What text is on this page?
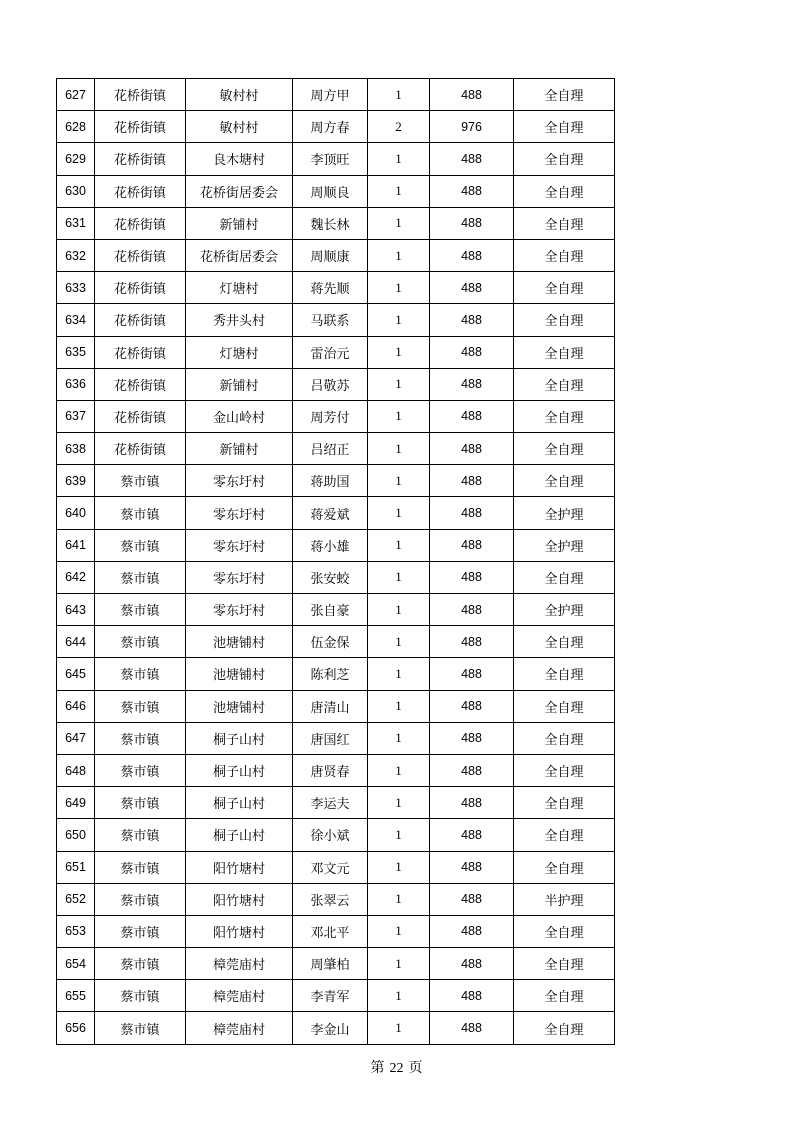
627	花桥街镇	敏村村	周方甲	1	488	全自理
628	花桥街镇	敏村村	周方春	2	976	全自理
629	花桥街镇	良木塘村	李顶旺	1	488	全自理
630	花桥街镇	花桥街居委会	周顺良	1	488	全自理
631	花桥街镇	新铺村	魏长林	1	488	全自理
632	花桥街镇	花桥街居委会	周顺康	1	488	全自理
633	花桥街镇	灯塘村	蒋先顺	1	488	全自理
634	花桥街镇	秀井头村	马联系	1	488	全自理
635	花桥街镇	灯塘村	雷治元	1	488	全自理
636	花桥街镇	新铺村	吕敬苏	1	488	全自理
637	花桥街镇	金山岭村	周芳付	1	488	全自理
638	花桥街镇	新铺村	吕绍正	1	488	全自理
639	蔡市镇	零东圩村	蒋助国	1	488	全自理
640	蔡市镇	零东圩村	蒋爱斌	1	488	全护理
641	蔡市镇	零东圩村	蒋小雄	1	488	全护理
642	蔡市镇	零东圩村	张安蛟	1	488	全自理
643	蔡市镇	零东圩村	张自豪	1	488	全护理
644	蔡市镇	池塘铺村	伍金保	1	488	全自理
645	蔡市镇	池塘铺村	陈利芝	1	488	全自理
646	蔡市镇	池塘铺村	唐清山	1	488	全自理
647	蔡市镇	桐子山村	唐国红	1	488	全自理
648	蔡市镇	桐子山村	唐贤春	1	488	全自理
649	蔡市镇	桐子山村	李运夫	1	488	全自理
650	蔡市镇	桐子山村	徐小斌	1	488	全自理
651	蔡市镇	阳竹塘村	邓文元	1	488	全自理
652	蔡市镇	阳竹塘村	张翠云	1	488	半护理
653	蔡市镇	阳竹塘村	邓北平	1	488	全自理
654	蔡市镇	樟莞庙村	周肇柏	1	488	全自理
655	蔡市镇	樟莞庙村	李青军	1	488	全自理
656	蔡市镇	樟莞庙村	李金山	1	488	全自理
第 22 页
